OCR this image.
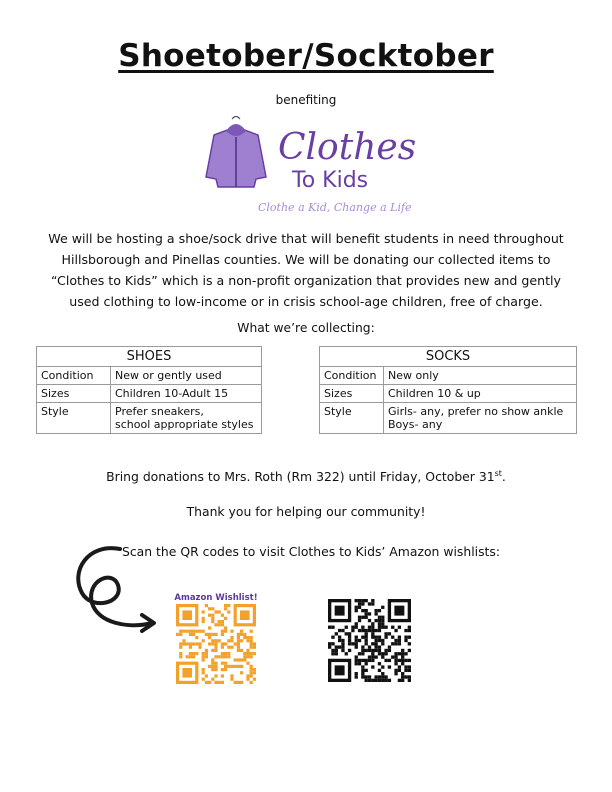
Shoetober/Socktober
benefiting
Clothes
To Kids
Clothe a Kid, Change a Life
We will be hosting a shoe/sock drive that will benefit students in need throughout Hillsborough and Pinellas counties. We will be donating our collected items to “Clothes to Kids” which is a non-profit organization that provides new and gently used clothing to low-income or in crisis school-age children, free of charge.
What we’re collecting:
SHOES	
Condition	New or gently used
Sizes	Children 10-Adult 15
Style	Prefer sneakers,
school appropriate styles
SOCKS	
Condition	New only
Sizes	Children 10 & up
Style	Girls- any, prefer no show ankle
Boys- any
Bring donations to Mrs. Roth (Rm 322) until Friday, October 31st.
Thank you for helping our community!
Scan the QR codes to visit Clothes to Kids’ Amazon wishlists:
Amazon Wishlist!
